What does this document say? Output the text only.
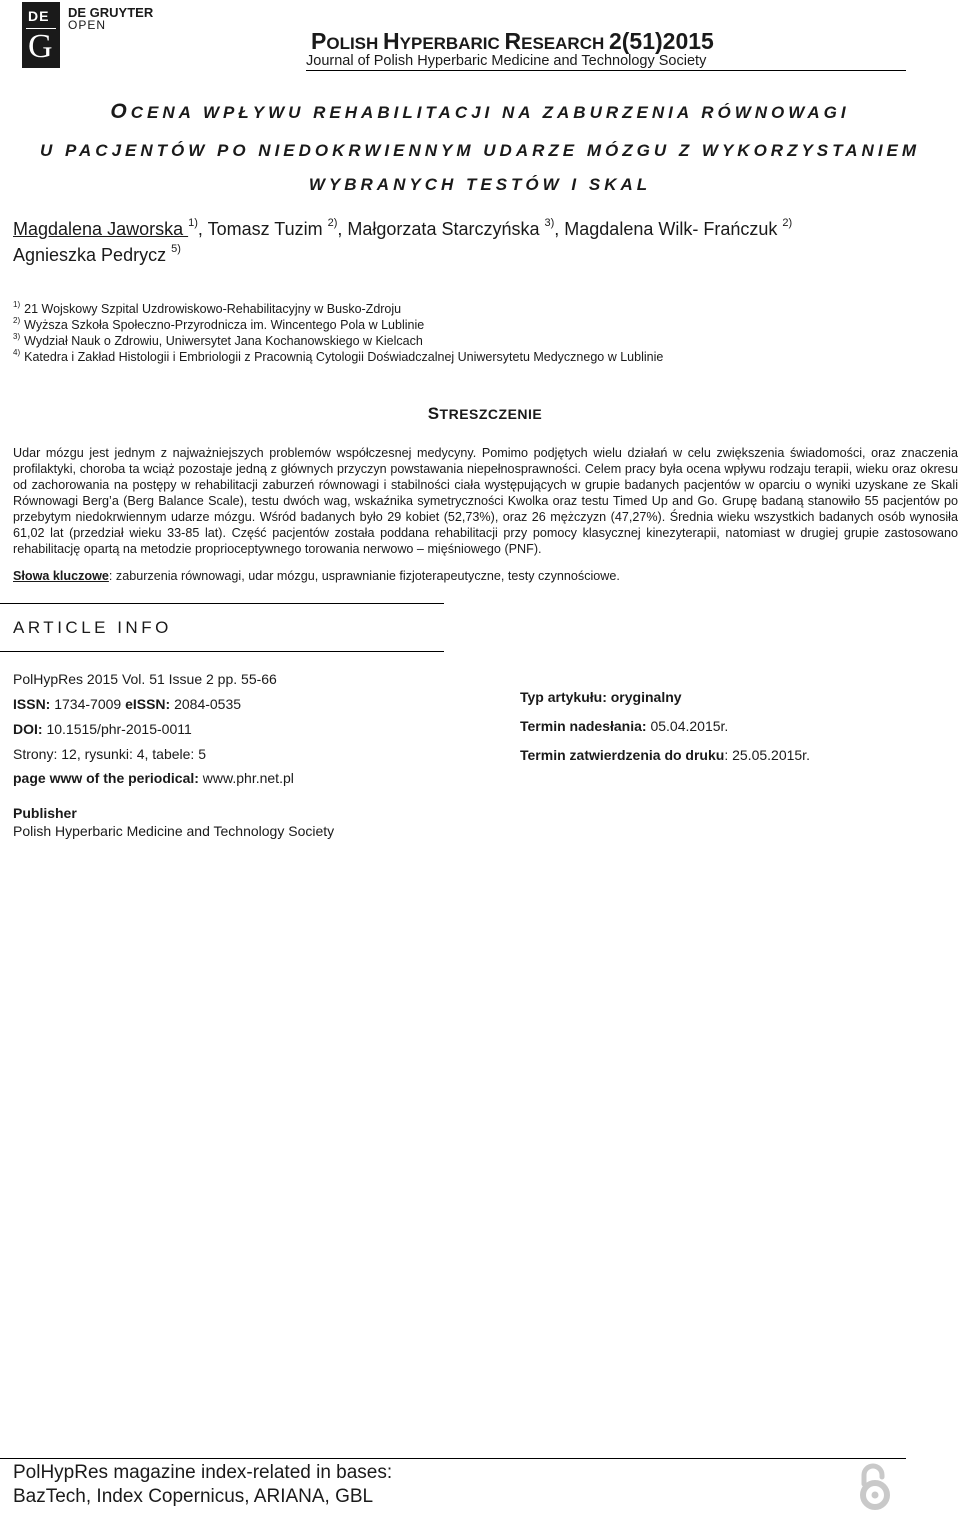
DE
G
DE GRUYTER
OPEN
POLISH HYPERBARIC RESEARCH 2(51)2015
Journal of Polish Hyperbaric Medicine and Technology Society
OCENA WPŁYWU REHABILITACJI NA ZABURZENIA RÓWNOWAGI
U PACJENTÓW PO NIEDOKRWIENNYM UDARZE MÓZGU Z WYKORZYSTANIEM
WYBRANYCH TESTÓW I SKAL
Magdalena Jaworska $^{1)}$, Tomasz Tuzim $^{2)}$, Małgorzata Starczyńska $^{3)}$, Magdalena Wilk- Frańczuk $^{2)}$
Agnieszka Pedrycz $^{5)}$
$^{1)}$ 21 Wojskowy Szpital Uzdrowiskowo-Rehabilitacyjny w Busko-Zdroju
$^{2)}$ Wyższa Szkoła Społeczno-Przyrodnicza im. Wincentego Pola w Lublinie
$^{3)}$ Wydział Nauk o Zdrowiu, Uniwersytet Jana Kochanowskiego w Kielcach
$^{4)}$ Katedra i Zakład Histologii i Embriologii z Pracownią Cytologii Doświadczalnej Uniwersytetu Medycznego w Lublinie
STRESZCZENIE
Udar mózgu jest jednym z najważniejszych problemów współczesnej medycyny. Pomimo podjętych wielu działań w celu zwiększenia świadomości, oraz znaczenia profilaktyki, choroba ta wciąż pozostaje jedną z głównych przyczyn powstawania niepełnosprawności. Celem pracy była ocena wpływu rodzaju terapii, wieku oraz okresu od zachorowania na postępy w rehabilitacji zaburzeń równowagi i stabilności ciała występujących w grupie badanych pacjentów w oparciu o wyniki uzyskane ze Skali Równowagi Berg’a (Berg Balance Scale), testu dwóch wag, wskaźnika symetryczności Kwolka oraz testu Timed Up and Go. Grupę badaną stanowiło 55 pacjentów po przebytym niedokrwiennym udarze mózgu. Wśród badanych było 29 kobiet (52,73%), oraz 26 mężczyzn (47,27%). Średnia wieku wszystkich badanych osób wynosiła 61,02 lat (przedział wieku 33-85 lat). Część pacjentów została poddana rehabilitacji przy pomocy klasycznej kinezyterapii, natomiast w drugiej grupie zastosowano rehabilitację opartą na metodzie proprioceptywnego torowania nerwowo – mięśniowego (PNF).
Słowa kluczowe: zaburzenia równowagi, udar mózgu, usprawnianie fizjoterapeutyczne, testy czynnościowe.
ARTICLE INFO
PolHypRes 2015 Vol. 51 Issue 2 pp. 55-66
ISSN: 1734-7009 eISSN: 2084-0535
DOI: 10.1515/phr-2015-0011
Strony: 12, rysunki: 4, tabele: 5
page www of the periodical: www.phr.net.pl
Typ artykułu: oryginalny
Termin nadesłania: 05.04.2015r.
Termin zatwierdzenia do druku: 25.05.2015r.
Publisher
Polish Hyperbaric Medicine and Technology Society
PolHypRes magazine index-related in bases:
BazTech, Index Copernicus, ARIANA, GBL
